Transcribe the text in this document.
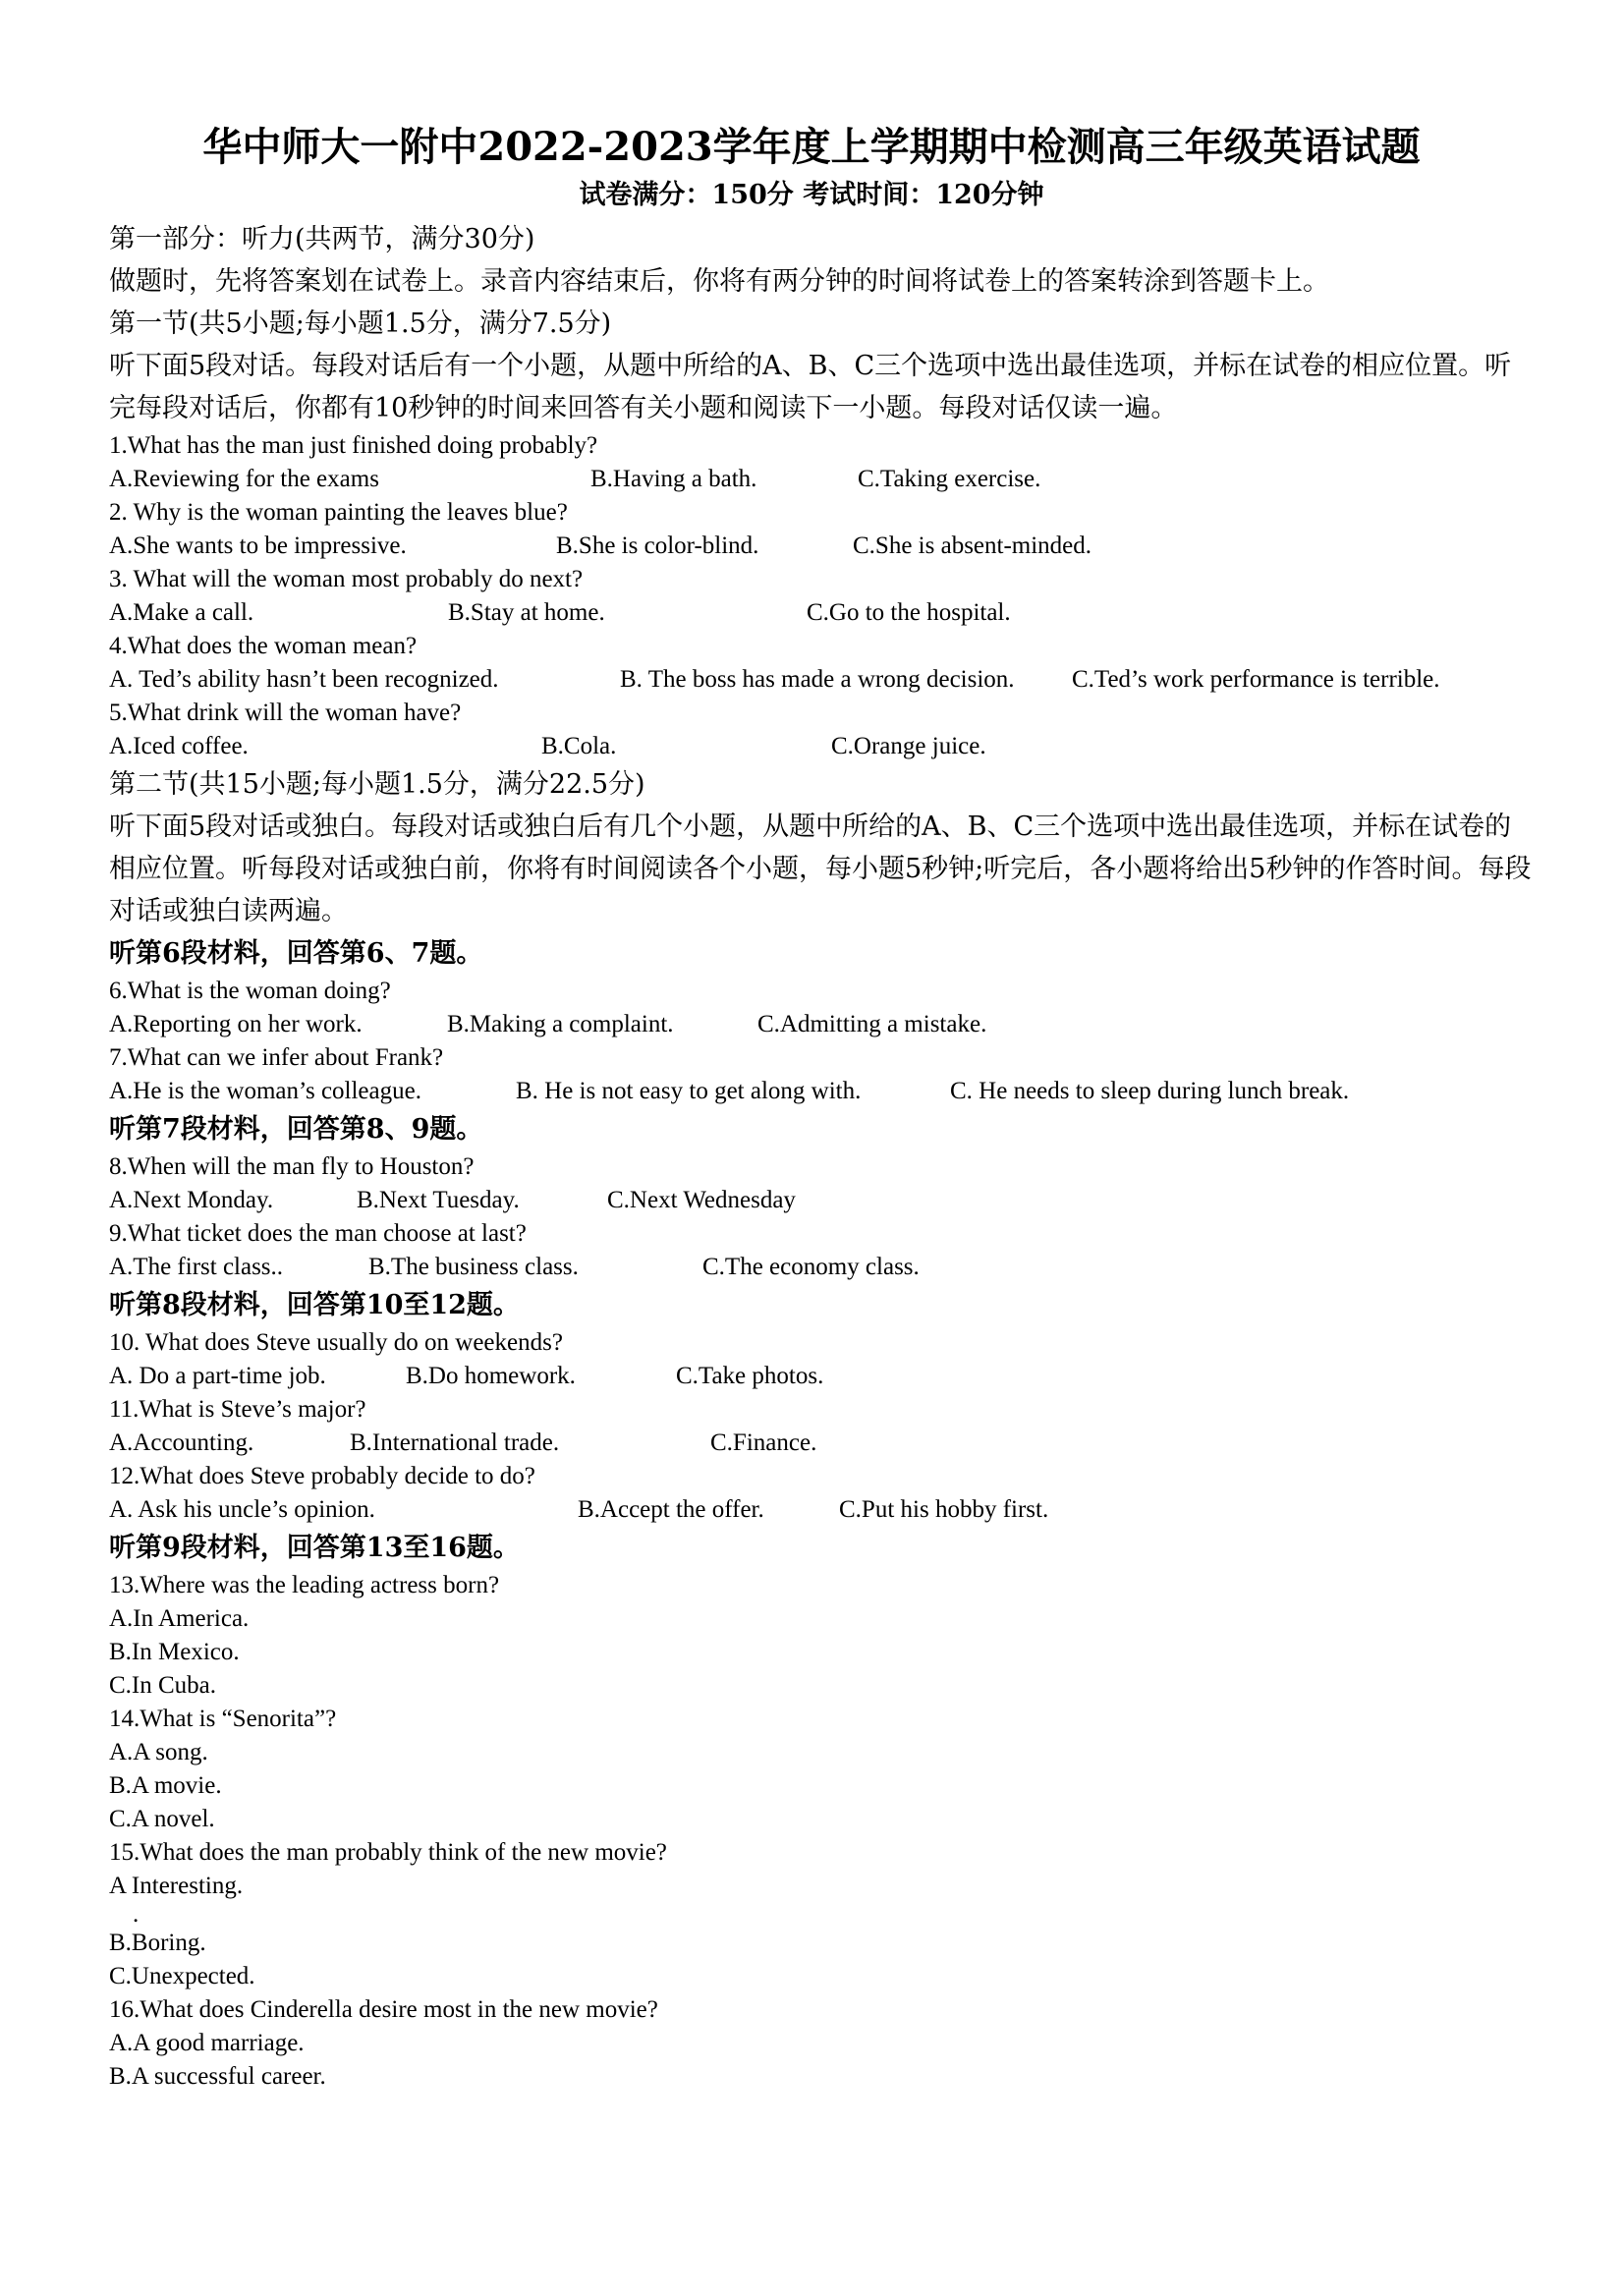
华中师大一附中2022-2023学年度上学期期中检测高三年级英语试题
试卷满分：150分 考试时间：120分钟

第一部分：听力(共两节，满分30分)

做题时，先将答案划在试卷上。录音内容结束后，你将有两分钟的时间将试卷上的答案转涂到答题卡上。

第一节(共5小题;每小题1.5分，满分7.5分)

听下面5段对话。每段对话后有一个小题，从题中所给的A、B、C三个选项中选出最佳选项，并标在试卷的相应位置。听完每段对话后，你都有10秒钟的时间来回答有关小题和阅读下一小题。每段对话仅读一遍。

1.What has the man just finished doing probably?

A.Reviewing for the exams	B.Having a bath.	C.Taking exercise.

2. Why is the woman painting the leaves blue?

A.She wants to be impressive.	B.She is color-blind.	C.She is absent-minded.

3. What will the woman most probably do next?

A.Make a call.	B.Stay at home.	C.Go to the hospital.

4.What does the woman mean?

A. Ted’s ability hasn’t been recognized.	B. The boss has made a wrong decision.	C.Ted’s work performance is terrible.

5.What drink will the woman have?

A.Iced coffee.	B.Cola.	C.Orange juice.

第二节(共15小题;每小题1.5分，满分22.5分)

听下面5段对话或独白。每段对话或独白后有几个小题，从题中所给的A、B、C三个选项中选出最佳选项，并标在试卷的相应位置。听每段对话或独白前，你将有时间阅读各个小题，每小题5秒钟;听完后，各小题将给出5秒钟的作答时间。每段对话或独白读两遍。

听第6段材料，回答第6、7题。

6.What is the woman doing?

A.Reporting on her work.	B.Making a complaint.	C.Admitting a mistake.

7.What can we infer about Frank?

A.He is the woman’s colleague.	B. He is not easy to get along with.	C. He needs to sleep during lunch break.

听第7段材料，回答第8、9题。

8.When will the man fly to Houston?

A.Next Monday.	B.Next Tuesday.	C.Next Wednesday

9.What ticket does the man choose at last?

A.The first class..	B.The business class.	C.The economy class.

听第8段材料，回答第10至12题。

10. What does Steve usually do on weekends?

A. Do a part-time job.	B.Do homework.	C.Take photos.

11.What is Steve’s major?

A.Accounting.	B.International trade.	C.Finance.

12.What does Steve probably decide to do?

A. Ask his uncle’s opinion.	B.Accept the offer.	C.Put his hobby first.

听第9段材料，回答第13至16题。

13.Where was the leading actress born?

A.In America.

B.In Mexico.

C.In Cuba.

14.What is “Senorita”?

A.A song.

B.A movie.

C.A novel.

15.What does the man probably think of the new movie?

A Interesting.

.

B.Boring.

C.Unexpected.

16.What does Cinderella desire most in the new movie?

A.A good marriage.

B.A successful career.
